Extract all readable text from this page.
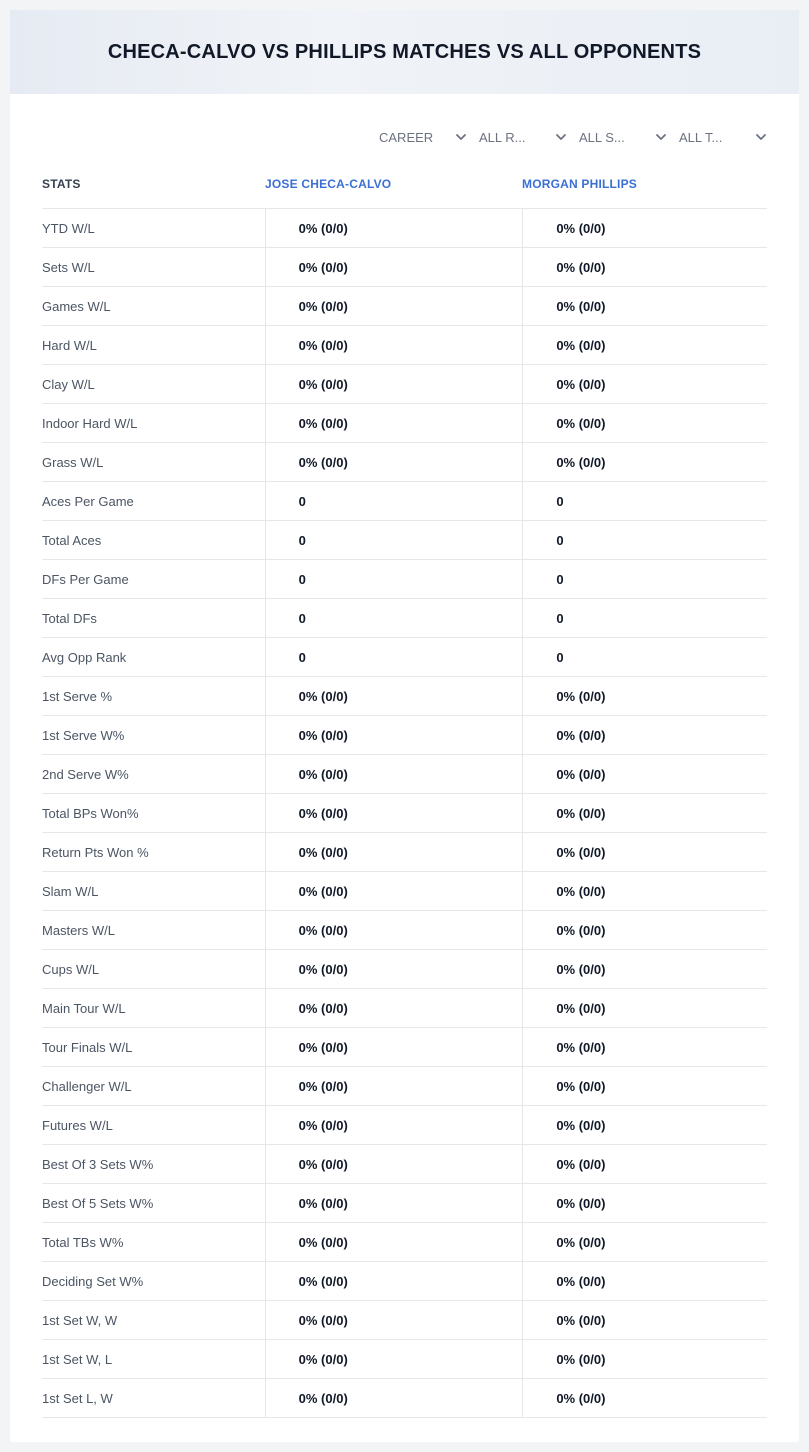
CHECA-CALVO VS PHILLIPS MATCHES VS ALL OPPONENTS
CAREER	ALL R...	ALL S...	ALL T...
STATS	JOSE CHECA-CALVO	MORGAN PHILLIPS
YTD W/L	0% (0/0)	0% (0/0)
Sets W/L	0% (0/0)	0% (0/0)
Games W/L	0% (0/0)	0% (0/0)
Hard W/L	0% (0/0)	0% (0/0)
Clay W/L	0% (0/0)	0% (0/0)
Indoor Hard W/L	0% (0/0)	0% (0/0)
Grass W/L	0% (0/0)	0% (0/0)
Aces Per Game	0	0
Total Aces	0	0
DFs Per Game	0	0
Total DFs	0	0
Avg Opp Rank	0	0
1st Serve %	0% (0/0)	0% (0/0)
1st Serve W%	0% (0/0)	0% (0/0)
2nd Serve W%	0% (0/0)	0% (0/0)
Total BPs Won%	0% (0/0)	0% (0/0)
Return Pts Won %	0% (0/0)	0% (0/0)
Slam W/L	0% (0/0)	0% (0/0)
Masters W/L	0% (0/0)	0% (0/0)
Cups W/L	0% (0/0)	0% (0/0)
Main Tour W/L	0% (0/0)	0% (0/0)
Tour Finals W/L	0% (0/0)	0% (0/0)
Challenger W/L	0% (0/0)	0% (0/0)
Futures W/L	0% (0/0)	0% (0/0)
Best Of 3 Sets W%	0% (0/0)	0% (0/0)
Best Of 5 Sets W%	0% (0/0)	0% (0/0)
Total TBs W%	0% (0/0)	0% (0/0)
Deciding Set W%	0% (0/0)	0% (0/0)
1st Set W, W	0% (0/0)	0% (0/0)
1st Set W, L	0% (0/0)	0% (0/0)
1st Set L, W	0% (0/0)	0% (0/0)
